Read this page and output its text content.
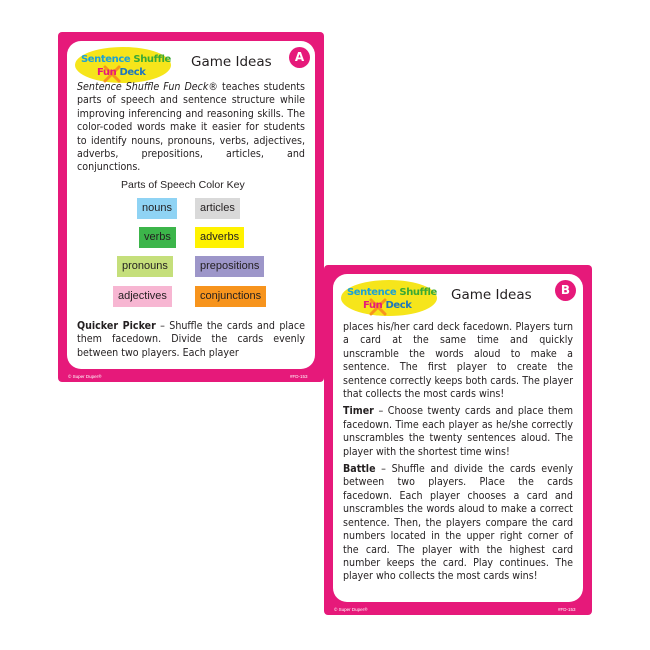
Sentence Shuffle
Fun Deck
Game Ideas	A

Sentence Shuffle Fun Deck® teaches students parts of speech and sentence structure while improving inferencing and reasoning skills. The color-coded words make it easier for students to identify nouns, pronouns, verbs, adjectives, adverbs, prepositions, articles, and conjunctions.

Parts of Speech Color Key
nouns	articles
verbs	adverbs
pronouns	prepositions
adjectives	conjunctions

Quicker Picker – Shuffle the cards and place them facedown. Divide the cards evenly between two players. Each player

© Super Duper®	#FD-153
Sentence Shuffle
Fun Deck
Game Ideas	B

places his/her card deck facedown. Players turn a card at the same time and quickly unscramble the words aloud to make a sentence. The first player to create the sentence correctly keeps both cards. The player that collects the most cards wins!

Timer – Choose twenty cards and place them facedown. Time each player as he/she correctly unscrambles the twenty sentences aloud. The player with the shortest time wins!

Battle – Shuffle and divide the cards evenly between two players. Place the cards facedown. Each player chooses a card and unscrambles the words aloud to make a correct sentence. Then, the players compare the card numbers located in the upper right corner of the card. The player with the highest card number keeps the card. Play continues. The player who collects the most cards wins!

© Super Duper®	#FD-153
